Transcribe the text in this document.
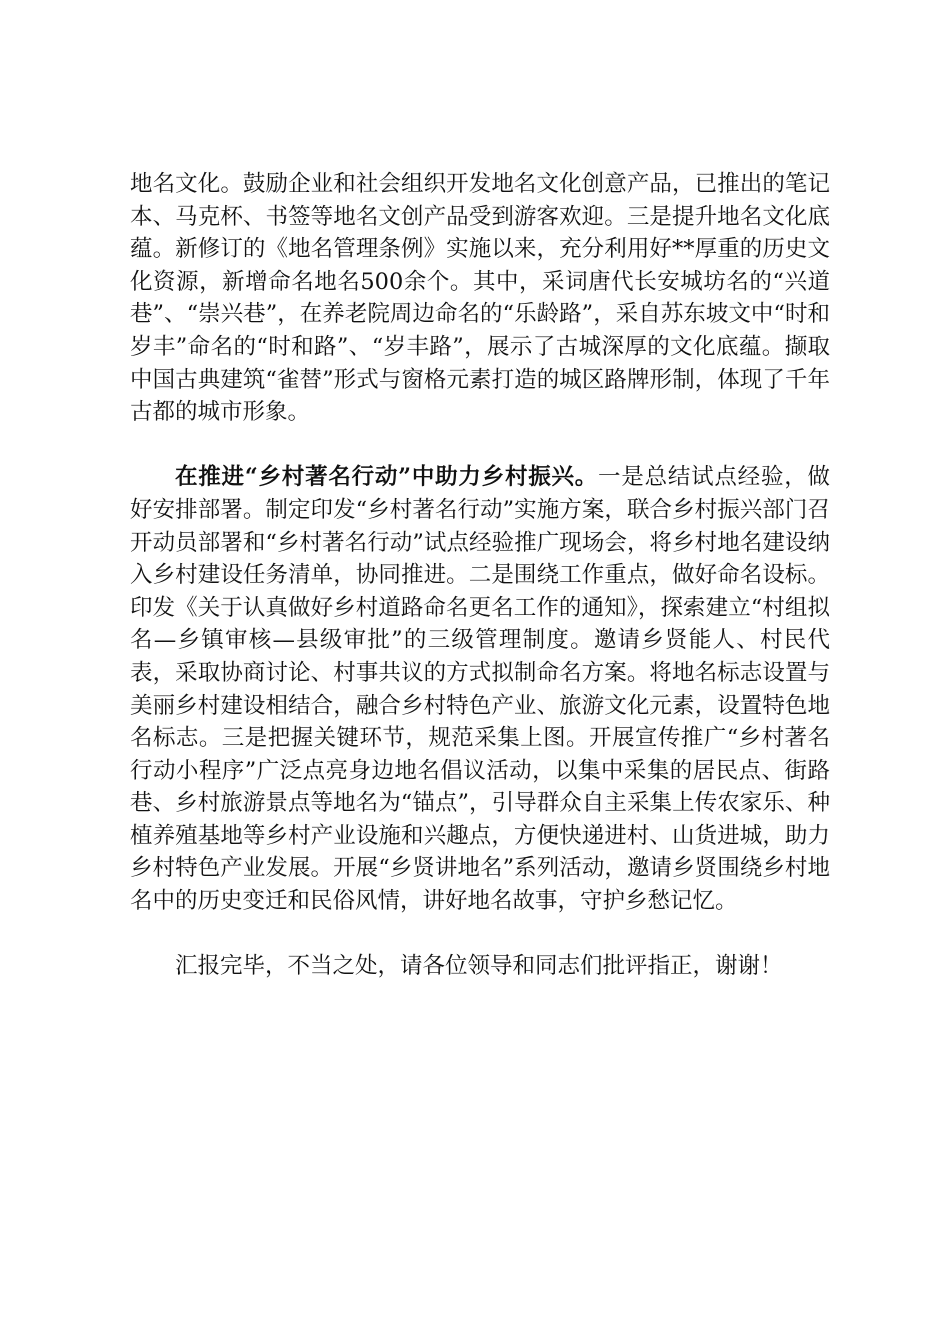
地名文化。鼓励企业和社会组织开发地名文化创意产品，已推出的笔记本、马克杯、书签等地名文创产品受到游客欢迎。三是提升地名文化底蕴。新修订的《地名管理条例》实施以来，充分利用好**厚重的历史文化资源，新增命名地名500余个。其中，采词唐代长安城坊名的“兴道巷”、“崇兴巷”，在养老院周边命名的“乐龄路”，采自苏东坡文中“时和岁丰”命名的“时和路”、“岁丰路”，展示了古城深厚的文化底蕴。撷取中国古典建筑“雀替”形式与窗格元素打造的城区路牌形制，体现了千年古都的城市形象。

在推进“乡村著名行动”中助力乡村振兴。一是总结试点经验，做好安排部署。制定印发“乡村著名行动”实施方案，联合乡村振兴部门召开动员部署和“乡村著名行动”试点经验推广现场会，将乡村地名建设纳入乡村建设任务清单，协同推进。二是围绕工作重点，做好命名设标。印发《关于认真做好乡村道路命名更名工作的通知》，探索建立“村组拟名—乡镇审核—县级审批”的三级管理制度。邀请乡贤能人、村民代表，采取协商讨论、村事共议的方式拟制命名方案。将地名标志设置与美丽乡村建设相结合，融合乡村特色产业、旅游文化元素，设置特色地名标志。三是把握关键环节，规范采集上图。开展宣传推广“乡村著名行动小程序”广泛点亮身边地名倡议活动，以集中采集的居民点、街路巷、乡村旅游景点等地名为“锚点”，引导群众自主采集上传农家乐、种植养殖基地等乡村产业设施和兴趣点，方便快递进村、山货进城，助力乡村特色产业发展。开展“乡贤讲地名”系列活动，邀请乡贤围绕乡村地名中的历史变迁和民俗风情，讲好地名故事，守护乡愁记忆。

汇报完毕，不当之处，请各位领导和同志们批评指正，谢谢！
